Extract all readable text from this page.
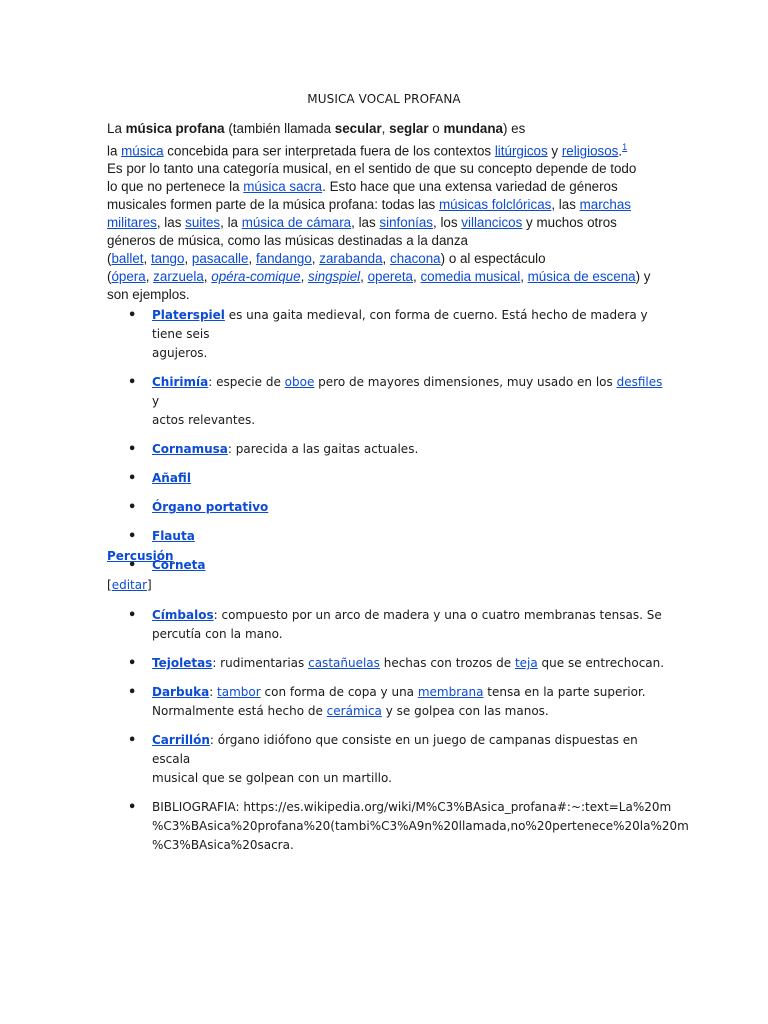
MUSICA VOCAL PROFANA

La música profana (también llamada secular, seglar o mundana) es
la música concebida para ser interpretada fuera de los contextos litúrgicos y religiosos.$^1$
Es por lo tanto una categoría musical, en el sentido de que su concepto depende de todo
lo que no pertenece la música sacra. Esto hace que una extensa variedad de géneros
musicales formen parte de la música profana: todas las músicas folclóricas, las marchas
militares, las suites, la música de cámara, las sinfonías, los villancicos y muchos otros
géneros de música, como las músicas destinadas a la danza
(ballet, tango, pasacalle, fandango, zarabanda, chacona) o al espectáculo
(ópera, zarzuela, opéra-comique, singspiel, opereta, comedia musical, música de escena) y
son ejemplos.

• Platerspiel es una gaita medieval, con forma de cuerno. Está hecho de madera y tiene seis
agujeros.
• Chirimía: especie de oboe pero de mayores dimensiones, muy usado en los desfiles y
actos relevantes.
• Cornamusa: parecida a las gaitas actuales.
• Añafil
• Órgano portativo
• Flauta
• Corneta
Percusión
[editar]
• Címbalos: compuesto por un arco de madera y una o cuatro membranas tensas. Se
percutía con la mano.
• Tejoletas: rudimentarias castañuelas hechas con trozos de teja que se entrechocan.
• Darbuka: tambor con forma de copa y una membrana tensa en la parte superior.
Normalmente está hecho de cerámica y se golpea con las manos.
• Carrillón: órgano idiófono que consiste en un juego de campanas dispuestas en escala
musical que se golpean con un martillo.
• BIBLIOGRAFIA: https://es.wikipedia.org/wiki/M%C3%BAsica_profana#:~:text=La%20m
%C3%BAsica%20profana%20(tambi%C3%A9n%20llamada,no%20pertenece%20la%20m
%C3%BAsica%20sacra.
